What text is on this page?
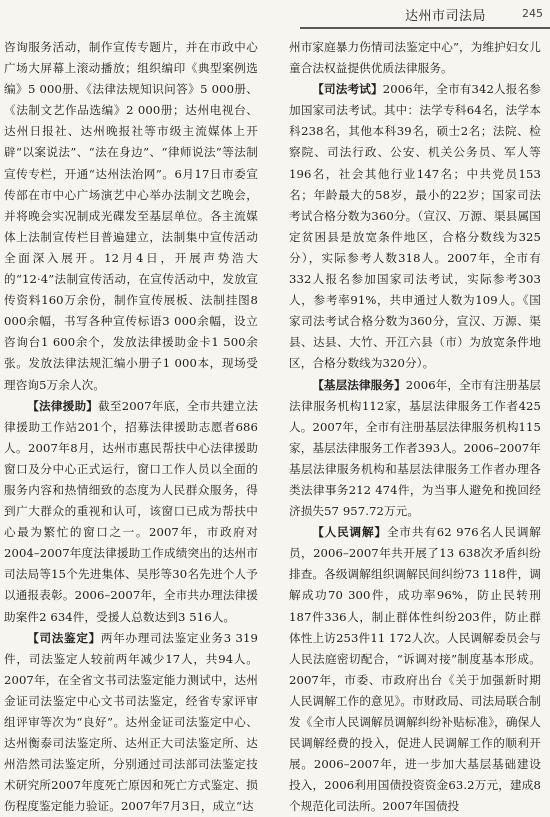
达州市司法局	245

咨询服务活动，制作宣传专题片，并在市政中心广场大屏幕上滚动播放；组织编印《典型案例选编》5 000册、《法律法规知识问答》5 000册、《法制文艺作品选编》2 000册；达州电视台、达州日报社、达州晚报社等市级主流媒体上开辟“以案说法”、“法在身边”、“律师说法”等法制宣传专栏，开通“达州法治网”。6月17日市委宣传部在市中心广场演艺中心举办法制文艺晚会，并将晚会实况制成光碟发至基层单位。各主流媒体上法制宣传栏目普遍建立，法制集中宣传活动全面深入展开。12月4日，开展声势浩大的“12·4”法制宣传活动，在宣传活动中，发放宣传资料160万余份，制作宣传展板、法制挂图8 000余幅，书写各种宣传标语3 000余幅，设立咨询台1 600余个，发放法律援助金卡1 500余张。发放法律法规汇编小册子1 000本，现场受理咨询5万余人次。

【法律援助】截至2007年底，全市共建立法律援助工作站201个，招募法律援助志愿者686人。2007年8月，达州市惠民帮扶中心法律援助窗口及分中心正式运行，窗口工作人员以全面的服务内容和热情细致的态度为人民群众服务，得到广大群众的重视和认可，该窗口已成为帮扶中心最为繁忙的窗口之一。2007年，市政府对2004–2007年度法律援助工作成绩突出的达州市司法局等15个先进集体、吴彤等30名先进个人予以通报表彰。2006–2007年，全市共办理法律援助案件2 634件，受援人总数达到3 516人。

【司法鉴定】两年办理司法鉴定业务3 319件，司法鉴定人较前两年减少17人，共94人。2007年，在全省文书司法鉴定能力测试中，达州金证司法鉴定中心文书司法鉴定，经省专家评审组评审等次为“良好”。达州金证司法鉴定中心、达州衡泰司法鉴定所、达州正大司法鉴定所、达州浩然司法鉴定所，分别通过司法部司法鉴定技术研究所2007年度死亡原因和死亡方式鉴定、损伤程度鉴定能力验证。2007年7月3日，成立“达

州市家庭暴力伤情司法鉴定中心”，为维护妇女儿童合法权益提供优质法律服务。

【司法考试】2006年，全市有342人报名参加国家司法考试。其中：法学专科64名，法学本科238名，其他本科39名，硕士2名；法院、检察院、司法行政、公安、机关公务员、军人等196名，社会其他行业147名；中共党员153名；年龄最大的58岁，最小的22岁；国家司法考试合格分数为360分。（宣汉、万源、渠县属国定贫困县是放宽条件地区，合格分数线为325分），实际参考人数318人。2007年，全市有332人报名参加国家司法考试，实际参考303人，参考率91%，共申通过人数为109人。《国家司法考试合格分数为360分，宣汉、万源、渠县、达县、大竹、开江六县（市）为放宽条件地区，合格分数线为320分）。

【基层法律服务】2006年，全市有注册基层法律服务机构112家，基层法律服务工作者425人。2007年，全市有注册基层法律服务机构115家，基层法律服务工作者393人。2006–2007年基层法律服务机构和基层法律服务工作者办理各类法律事务212 474件，为当事人避免和挽回经济损失57 957.72万元。

【人民调解】全市共有62 976名人民调解员，2006–2007年共开展了13 638次矛盾纠纷排查。各级调解组织调解民间纠纷73 118件，调解成功70 300件，成功率96%，防止民转刑187件336人，制止群体性纠纷203件，防止群体性上访253件11 172人次。人民调解委员会与人民法庭密切配合，“诉调对接”制度基本形成。2007年，市委、市政府出台《关于加强新时期人民调解工作的意见》。市财政局、司法局联合制发《全市人民调解员调解纠纷补贴标准》，确保人民调解经费的投入，促进人民调解工作的顺利开展。2006–2007年，进一步加大基层基础建设投入，2006利用国债投资资金63.2万元，建成8个规范化司法所。2007年国债投
